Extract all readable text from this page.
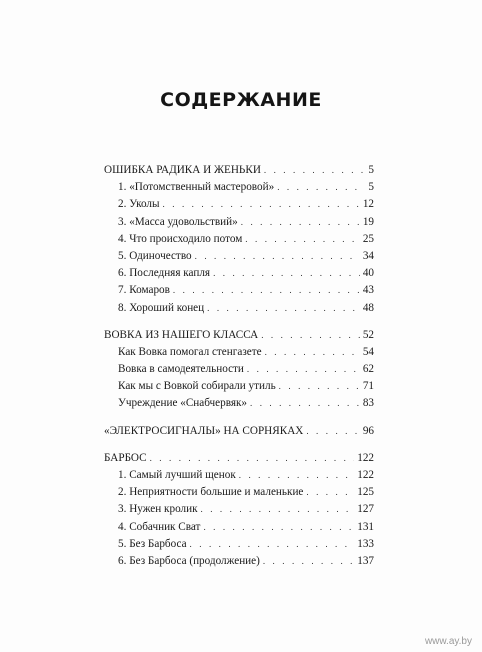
СОДЕРЖАНИЕ
ОШИБКА РАДИКА И ЖЕНЬКИ . . .	5
1. «Потомственный мастеровой» . . .	5
2. Уколы . . .	12
3. «Масса удовольствий» . . .	19
4. Что происходило потом . . .	25
5. Одиночество . . .	34
6. Последняя капля . . .	40
7. Комаров . . .	43
8. Хороший конец . . .	48
ВОВКА ИЗ НАШЕГО КЛАССА . . .	52
Как Вовка помогал стенгазете . . .	54
Вовка в самодеятельности . . .	62
Как мы с Вовкой собирали утиль . . .	71
Учреждение «Снабчервяк» . . .	83
«ЭЛЕКТРОСИГНАЛЫ» НА СОРНЯКАХ . . .	96
БАРБОС . . .	122
1. Самый лучший щенок . . .	122
2. Неприятности большие и маленькие . . .	125
3. Нужен кролик . . .	127
4. Собачник Сват . . .	131
5. Без Барбоса . . .	133
6. Без Барбоса (продолжение) . . .	137
www.ay.by
